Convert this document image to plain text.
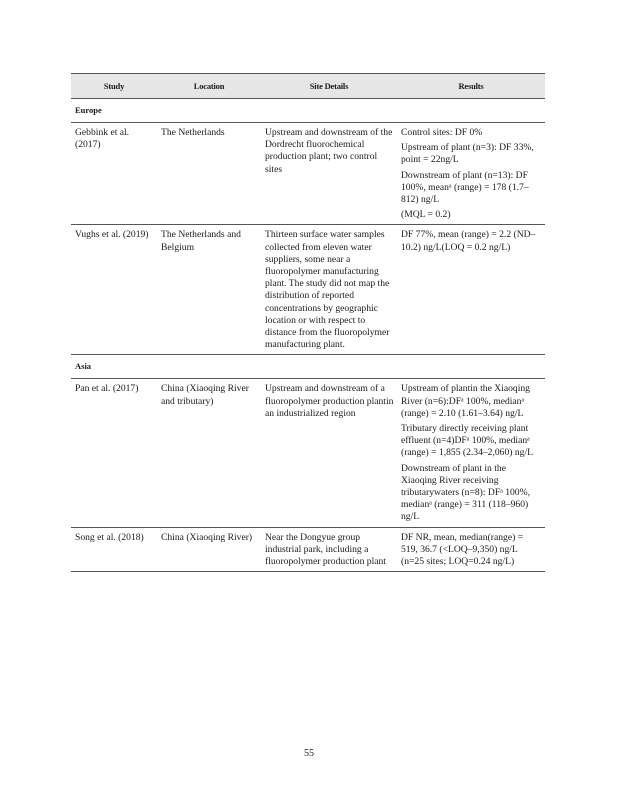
Study	Location	Site Details	Results
Europe			
Gebbink et al. (2017)	The Netherlands	Upstream and downstream of the Dordrecht fluorochemical production plant; two control sites	Control sites: DF 0%

Upstream of plant (n=3): DF 33%, point = 22ng/L

Downstream of plant (n=13): DF 100%, meanᵃ (range) = 178 (1.7–812) ng/L

(MQL = 0.2)

Vughs et al. (2019)	The Netherlands and Belgium	Thirteen surface water samples collected from eleven water suppliers, some near a fluoropolymer manufacturing plant. The study did not map the distribution of reported concentrations by geographic location or with respect to distance from the fluoropolymer manufacturing plant.	DF 77%, mean (range) = 2.2 (ND–10.2) ng/L(LOQ = 0.2 ng/L)

Asia			
Pan et al. (2017)	China (Xiaoqing River and tributary)	Upstream and downstream of a fluoropolymer production plantin an industrialized region	Upstream of plantin the Xiaoqing River (n=6):DFᵃ 100%, medianᵃ (range) = 2.10 (1.61–3.64) ng/L

Tributary directly receiving plant effluent (n=4)DFᵃ 100%, medianᵃ (range) = 1,855 (2.34–2,060) ng/L

Downstream of plant in the Xiaoqing River receiving tributarywaters (n=8): DFᵃ 100%, medianᵃ (range) = 311 (118–960) ng/L

Song et al. (2018)	China (Xiaoqing River)	Near the Dongyue group industrial park, including a fluoropolymer production plant	DF NR, mean, median(range) = 519, 36.7 (<LOQ–9,350) ng/L (n=25 sites; LOQ=0.24 ng/L)

55
